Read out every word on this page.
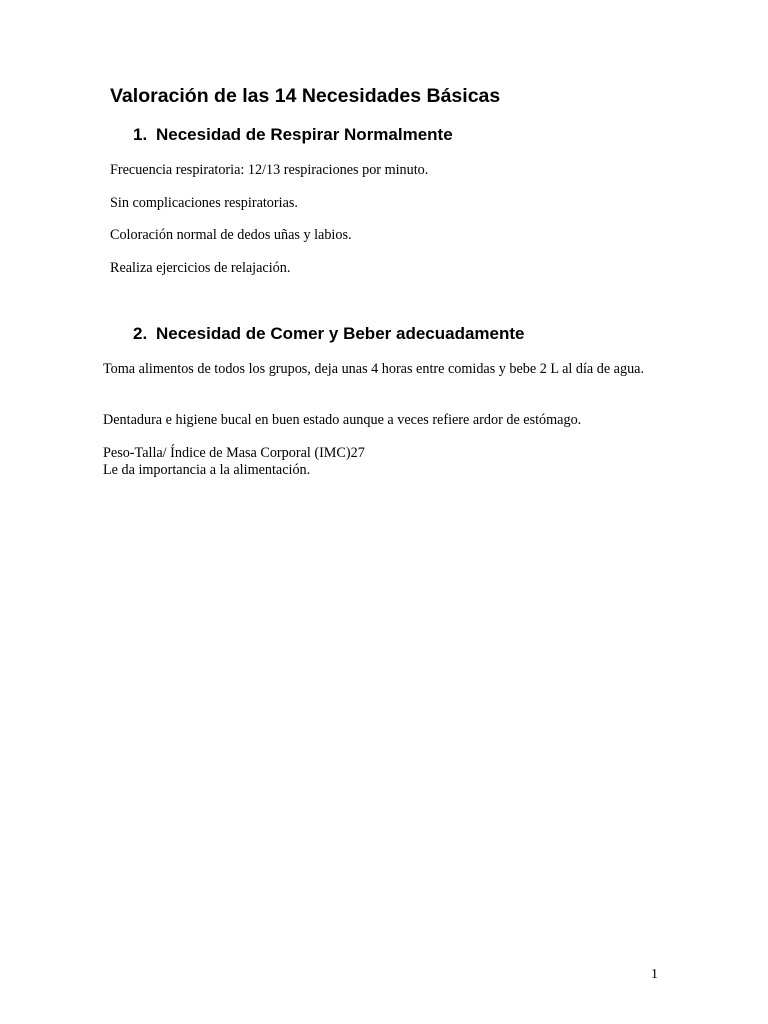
Valoración de las 14 Necesidades Básicas
1. Necesidad de Respirar Normalmente

Frecuencia respiratoria: 12/13 respiraciones por minuto.

Sin complicaciones respiratorias.

Coloración normal de dedos uñas y labios.

Realiza ejercicios de relajación.

2. Necesidad de Comer y Beber adecuadamente

Toma alimentos de todos los grupos, deja unas 4 horas entre comidas y bebe 2 L al día de agua.

Dentadura e higiene bucal en buen estado aunque a veces refiere ardor de estómago.

Peso-Talla/ Índice de Masa Corporal (IMC)27

Le da importancia a la alimentación.

1
